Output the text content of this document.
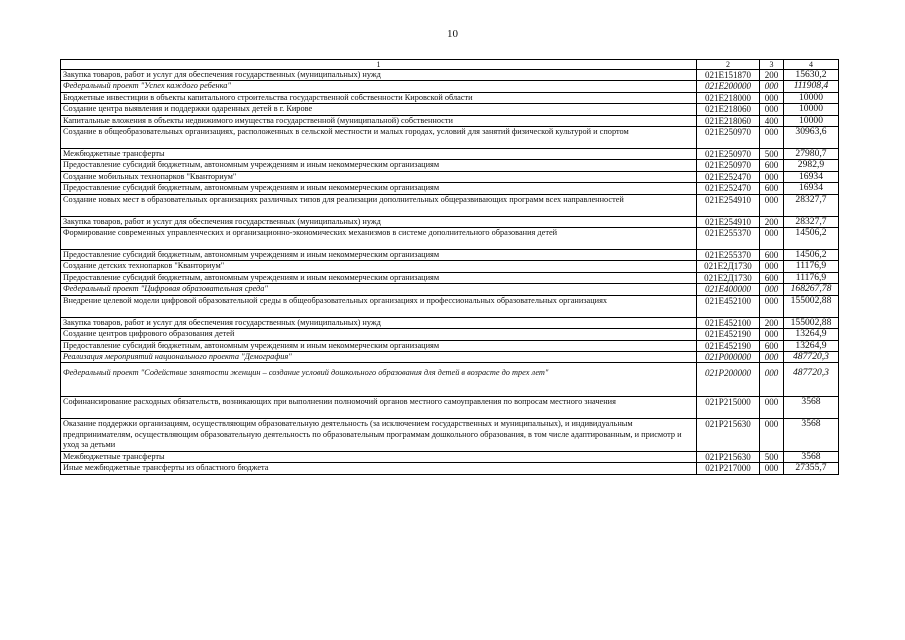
10
1	2	3	4
Закупка товаров, работ и услуг для обеспечения государственных (муниципальных) нужд	021E151870	200	15630,2
Федеральный проект "Успех каждого ребенка"	021E200000	000	111908,4
Бюджетные инвестиции в объекты капитального строительства государственной собственности Кировской области	021E218000	000	10000
Создание центра выявления и поддержки одаренных детей в г. Кирове	021E218060	000	10000
Капитальные вложения в объекты недвижимого имущества государственной (муниципальной) собственности	021E218060	400	10000
Создание в общеобразовательных организациях, расположенных в сельской местности и малых городах, условий для занятий физической культурой и спортом	021E250970	000	30963,6
Межбюджетные трансферты	021E250970	500	27980,7
Предоставление субсидий бюджетным, автономным учреждениям и иным некоммерческим организациям	021E250970	600	2982,9
Создание мобильных технопарков "Кванториум"	021E252470	000	16934
Предоставление субсидий бюджетным, автономным учреждениям и иным некоммерческим организациям	021E252470	600	16934
Создание новых мест в образовательных организациях различных типов для реализации дополнительных общеразвивающих программ всех направленностей	021E254910	000	28327,7
Закупка товаров, работ и услуг для обеспечения государственных (муниципальных) нужд	021E254910	200	28327,7
Формирование современных управленческих и организационно-экономических механизмов в системе дополнительного образования детей	021E255370	000	14506,2
Предоставление субсидий бюджетным, автономным учреждениям и иным некоммерческим организациям	021E255370	600	14506,2
Создание детских технопарков "Кванториум"	021E2Д1730	000	11176,9
Предоставление субсидий бюджетным, автономным учреждениям и иным некоммерческим организациям	021E2Д1730	600	11176,9
Федеральный проект "Цифровая образовательная среда"	021E400000	000	168267,78
Внедрение целевой модели цифровой образовательной среды в общеобразовательных организациях и профессиональных образовательных организациях	021E452100	000	155002,88
Закупка товаров, работ и услуг для обеспечения государственных (муниципальных) нужд	021E452100	200	155002,88
Создание центров цифрового образования детей	021E452190	000	13264,9
Предоставление субсидий бюджетным, автономным учреждениям и иным некоммерческим организациям	021E452190	600	13264,9
Реализация мероприятий национального проекта "Демография"	021P000000	000	487720,3
Федеральный проект "Содействие занятости женщин – создание условий дошкольного образования для детей в возрасте до трех лет"	021P200000	000	487720,3
Софинансирование расходных обязательств, возникающих при выполнении полномочий органов местного самоуправления по вопросам местного значения	021P215000	000	3568
Оказание поддержки организациям, осуществляющим образовательную деятельность (за исключением государственных и муниципальных), и индивидуальным предпринимателям, осуществляющим образовательную деятельность по образовательным программам дошкольного образования, в том числе адаптированным, и присмотр и уход за детьми	021P215630	000	3568
Межбюджетные трансферты	021P215630	500	3568
Иные межбюджетные трансферты из областного бюджета	021P217000	000	27355,7
